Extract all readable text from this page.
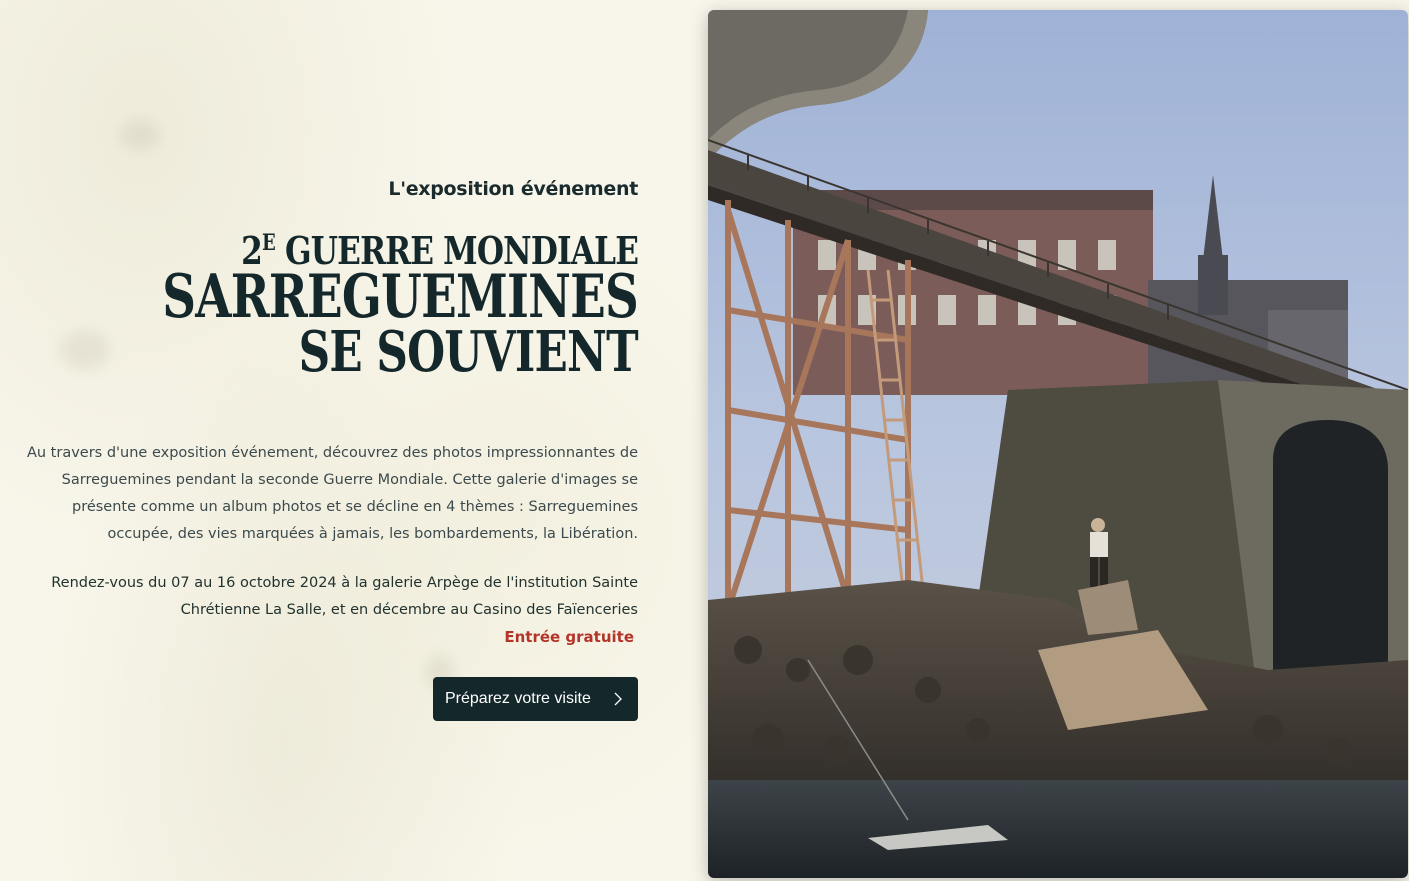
L'exposition événement
$2^E$ GUERRE MONDIALE
SARREGUEMINES
SE SOUVIENT

Au travers d'une exposition événement, découvrez des photos impressionnantes de Sarreguemines pendant la seconde Guerre Mondiale. Cette galerie d'images se présente comme un album photos et se décline en 4 thèmes : Sarreguemines occupée, des vies marquées à jamais, les bombardements, la Libération.

Rendez-vous du 07 au 16 octobre 2024 à la galerie Arpège de l'institution Sainte Chrétienne La Salle, et en décembre au Casino des Faïenceries

Entrée gratuite
Préparez votre visite
